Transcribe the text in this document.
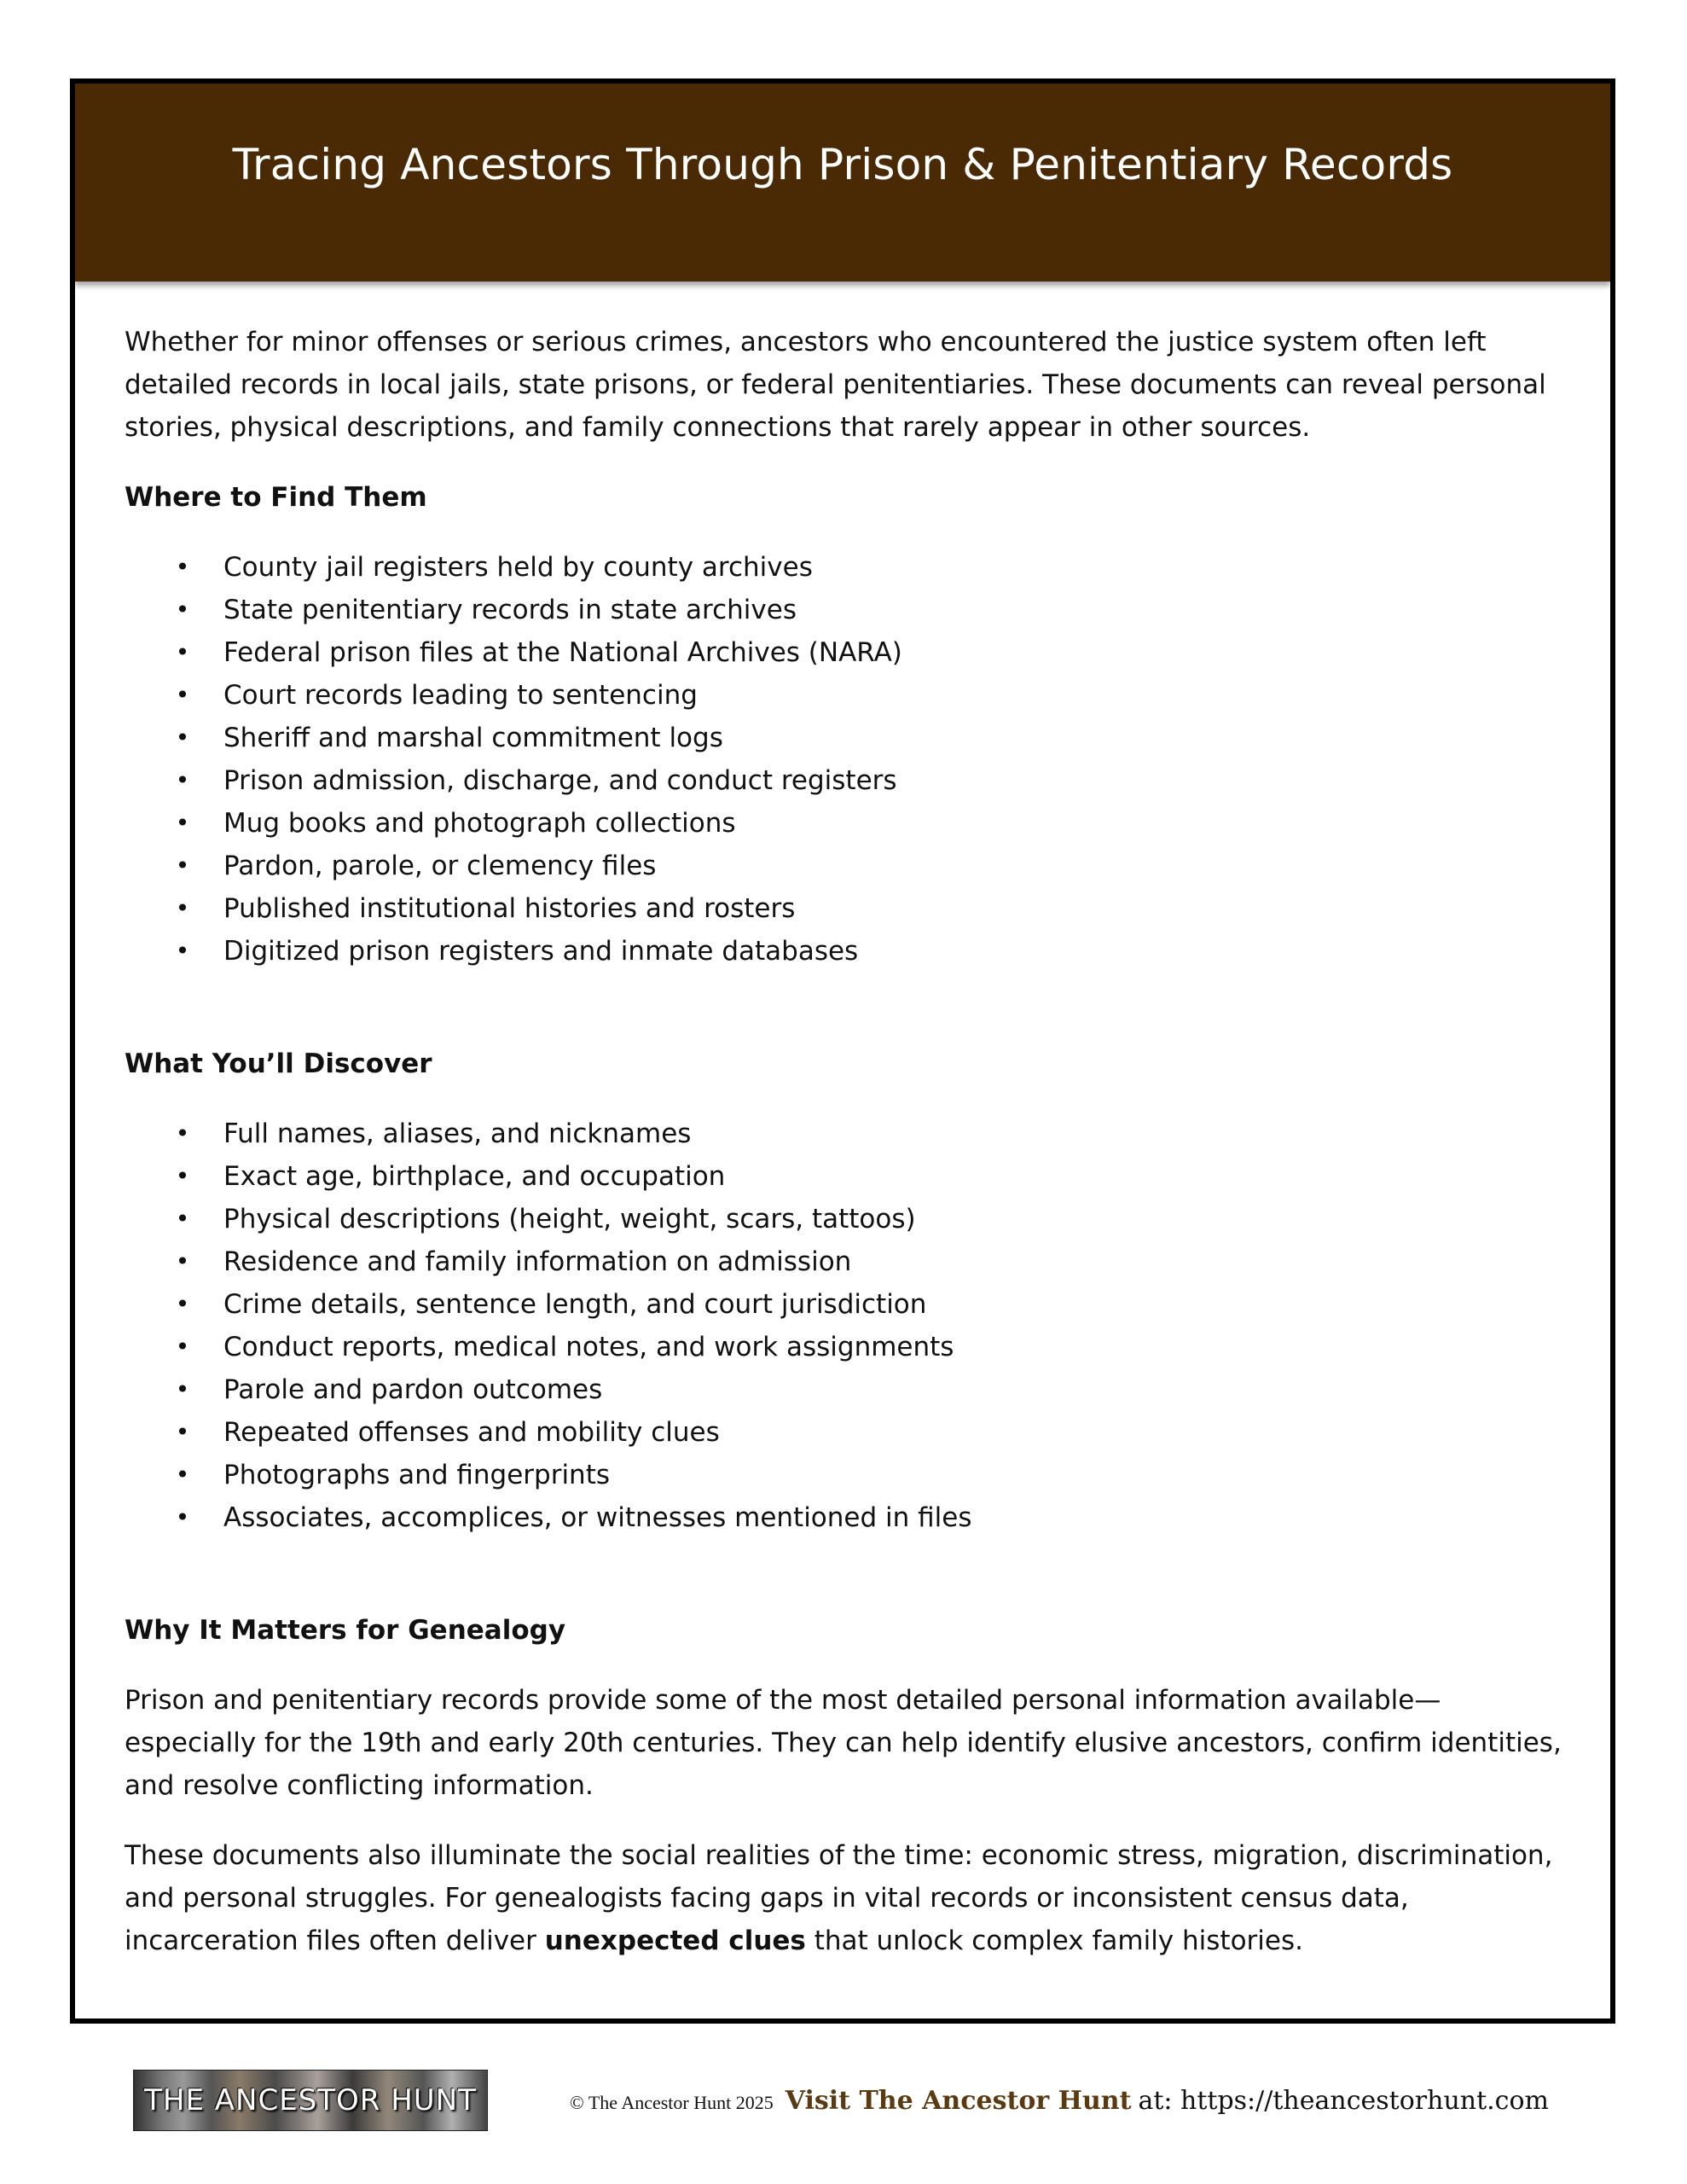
Tracing Ancestors Through Prison & Penitentiary Records

Whether for minor offenses or serious crimes, ancestors who encountered the justice system often left detailed records in local jails, state prisons, or federal penitentiaries. These documents can reveal personal stories, physical descriptions, and family connections that rarely appear in other sources.

Where to Find Them
• County jail registers held by county archives
• State penitentiary records in state archives
• Federal prison files at the National Archives (NARA)
• Court records leading to sentencing
• Sheriff and marshal commitment logs
• Prison admission, discharge, and conduct registers
• Mug books and photograph collections
• Pardon, parole, or clemency files
• Published institutional histories and rosters
• Digitized prison registers and inmate databases
What You’ll Discover
• Full names, aliases, and nicknames
• Exact age, birthplace, and occupation
• Physical descriptions (height, weight, scars, tattoos)
• Residence and family information on admission
• Crime details, sentence length, and court jurisdiction
• Conduct reports, medical notes, and work assignments
• Parole and pardon outcomes
• Repeated offenses and mobility clues
• Photographs and fingerprints
• Associates, accomplices, or witnesses mentioned in files
Why It Matters for Genealogy

Prison and penitentiary records provide some of the most detailed personal information available—especially for the 19th and early 20th centuries. They can help identify elusive ancestors, confirm identities, and resolve conflicting information.

These documents also illuminate the social realities of the time: economic stress, migration, discrimination, and personal struggles. For genealogists facing gaps in vital records or inconsistent census data, incarceration files often deliver unexpected clues that unlock complex family histories.

THE ANCESTOR HUNT	© The Ancestor Hunt 2025 Visit The Ancestor Hunt at: https://theancestorhunt.com
